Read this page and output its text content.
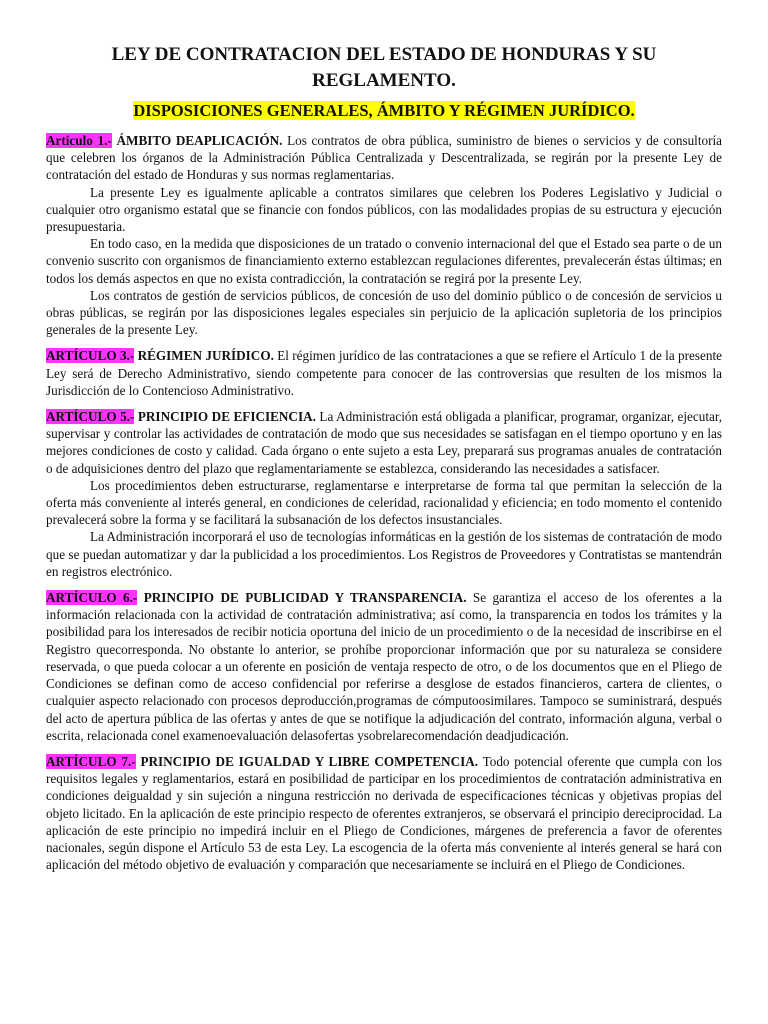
LEY DE CONTRATACION DEL ESTADO DE HONDURAS Y SU REGLAMENTO.
DISPOSICIONES GENERALES, ÁMBITO Y RÉGIMEN JURÍDICO.

Articulo 1.- ÁMBITO DEAPLICACIÓN. Los contratos de obra pública, suministro de bienes o servicios y de consultoría que celebren los órganos de la Administración Pública Centralizada y Descentralizada, se regirán por la presente Ley de contratación del estado de Honduras y sus normas reglamentarias.

La presente Ley es igualmente aplicable a contratos similares que celebren los Poderes Legislativo y Judicial o cualquier otro organismo estatal que se financie con fondos públicos, con las modalidades propias de su estructura y ejecución presupuestaria.

En todo caso, en la medida que disposiciones de un tratado o convenio internacional del que el Estado sea parte o de un convenio suscrito con organismos de financiamiento externo establezcan regulaciones diferentes, prevalecerán éstas últimas; en todos los demás aspectos en que no exista contradicción, la contratación se regirá por la presente Ley.

Los contratos de gestión de servicios públicos, de concesión de uso del dominio público o de concesión de servicios u obras públicas, se regirán por las disposiciones legales especiales sin perjuicio de la aplicación supletoria de los principios generales de la presente Ley.

ARTÍCULO 3.- RÉGIMEN JURÍDICO. El régimen jurídico de las contrataciones a que se refiere el Artículo 1 de la presente Ley será de Derecho Administrativo, siendo competente para conocer de las controversias que resulten de los mismos la Jurisdicción de lo Contencioso Administrativo.

ARTÍCULO 5.- PRINCIPIO DE EFICIENCIA. La Administración está obligada a planificar, programar, organizar, ejecutar, supervisar y controlar las actividades de contratación de modo que sus necesidades se satisfagan en el tiempo oportuno y en las mejores condiciones de costo y calidad. Cada órgano o ente sujeto a esta Ley, preparará sus programas anuales de contratación o de adquisiciones dentro del plazo que reglamentariamente se establezca, considerando las necesidades a satisfacer.

Los procedimientos deben estructurarse, reglamentarse e interpretarse de forma tal que permitan la selección de la oferta más conveniente al interés general, en condiciones de celeridad, racionalidad y eficiencia; en todo momento el contenido prevalecerá sobre la forma y se facilitará la subsanación de los defectos insustanciales.

La Administración incorporará el uso de tecnologías informáticas en la gestión de los sistemas de contratación de modo que se puedan automatizar y dar la publicidad a los procedimientos. Los Registros de Proveedores y Contratistas se mantendrán en registros electrónico.

ARTÍCULO 6.- PRINCIPIO DE PUBLICIDAD Y TRANSPARENCIA. Se garantiza el acceso de los oferentes a la información relacionada con la actividad de contratación administrativa; así como, la transparencia en todos los trámites y la posibilidad para los interesados de recibir noticia oportuna del inicio de un procedimiento o de la necesidad de inscribirse en el Registro quecorresponda. No obstante lo anterior, se prohíbe proporcionar información que por su naturaleza se considere reservada, o que pueda colocar a un oferente en posición de ventaja respecto de otro, o de los documentos que en el Pliego de Condiciones se definan como de acceso confidencial por referirse a desglose de estados financieros, cartera de clientes, o cualquier aspecto relacionado con procesos deproducción,programas de cómputoosimilares. Tampoco se suministrará, después del acto de apertura pública de las ofertas y antes de que se notifique la adjudicación del contrato, información alguna, verbal o escrita, relacionada conel examenoevaluación delasofertas ysobrelarecomendación deadjudicación.

ARTÍCULO 7.- PRINCIPIO DE IGUALDAD Y LIBRE COMPETENCIA. Todo potencial oferente que cumpla con los requisitos legales y reglamentarios, estará en posibilidad de participar en los procedimientos de contratación administrativa en condiciones deigualdad y sin sujeción a ninguna restricción no derivada de especificaciones técnicas y objetivas propias del objeto licitado. En la aplicación de este principio respecto de oferentes extranjeros, se observará el principio dereciprocidad. La aplicación de este principio no impedirá incluir en el Pliego de Condiciones, márgenes de preferencia a favor de oferentes nacionales, según dispone el Artículo 53 de esta Ley. La escogencia de la oferta más conveniente al interés general se hará con aplicación del método objetivo de evaluación y comparación que necesariamente se incluirá en el Pliego de Condiciones.
